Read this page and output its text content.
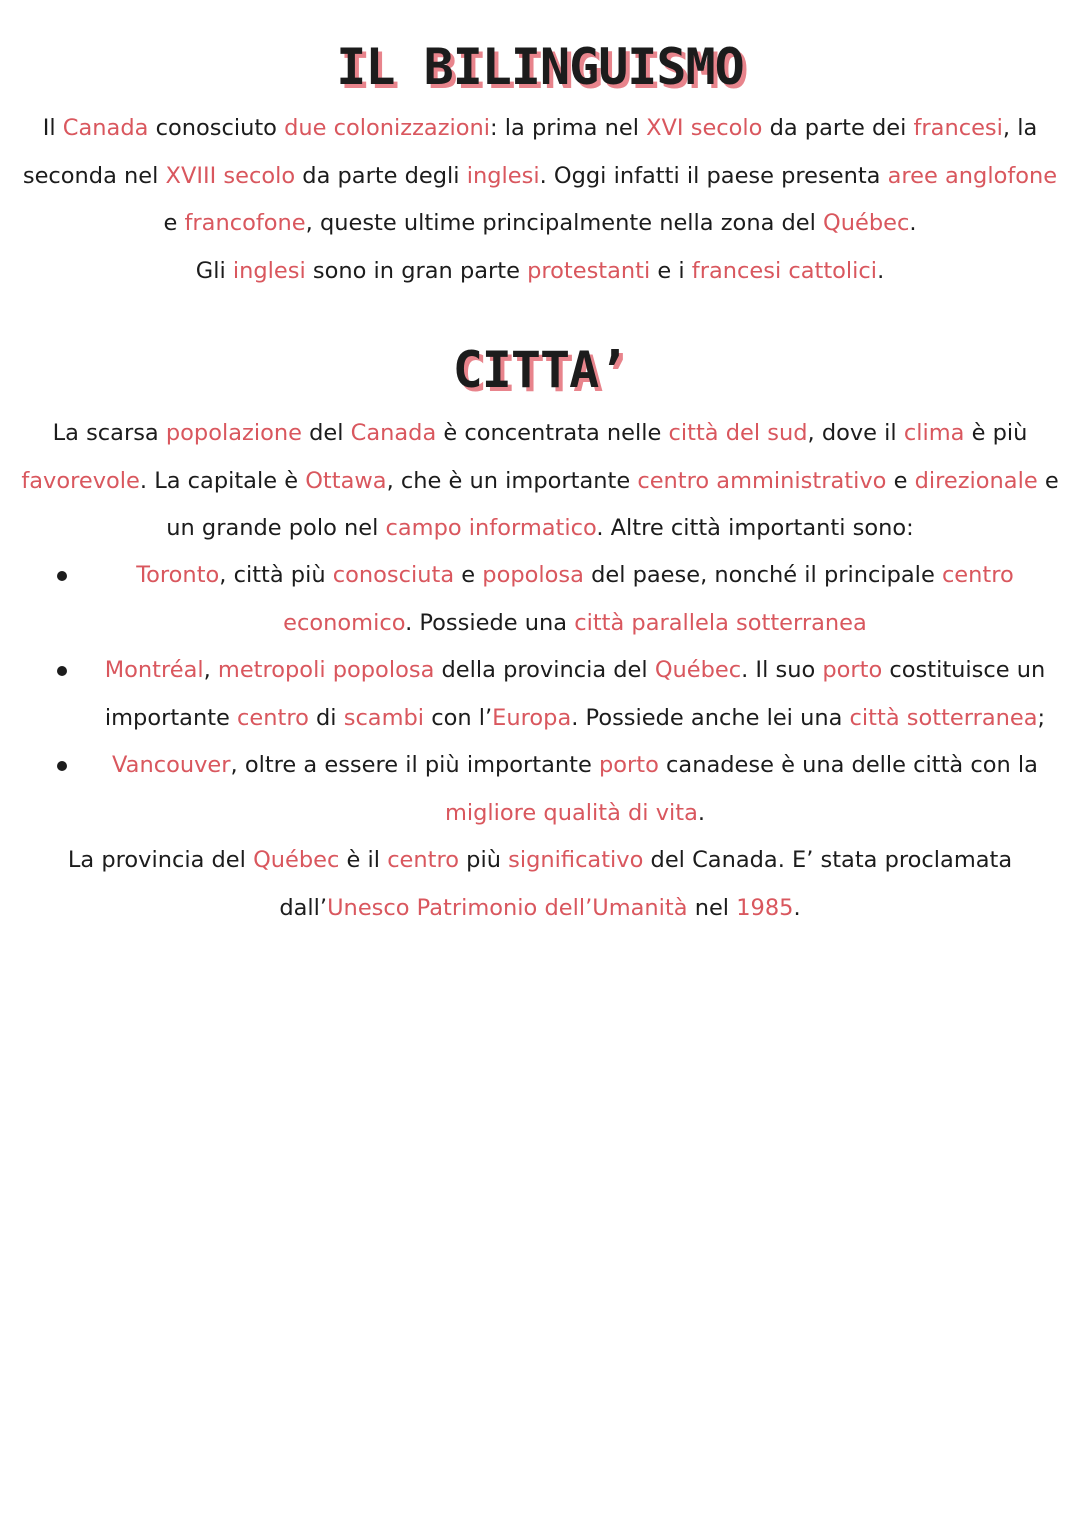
IL BILINGUISMO

Il Canada conosciuto due colonizzazioni: la prima nel XVI secolo da parte dei francesi, la seconda nel XVIII secolo da parte degli inglesi. Oggi infatti il paese presenta aree anglofone e francofone, queste ultime principalmente nella zona del Québec.
Gli inglesi sono in gran parte protestanti e i francesi cattolici.

CITTA’

La scarsa popolazione del Canada è concentrata nelle città del sud, dove il clima è più favorevole. La capitale è Ottawa, che è un importante centro amministrativo e direzionale e un grande polo nel campo informatico. Altre città importanti sono:

Toronto, città più conosciuta e popolosa del paese, nonché il principale centro economico. Possiede una città parallela sotterranea
Montréal, metropoli popolosa della provincia del Québec. Il suo porto costituisce un importante centro di scambi con l’Europa. Possiede anche lei una città sotterranea;
Vancouver, oltre a essere il più importante porto canadese è una delle città con la migliore qualità di vita.

La provincia del Québec è il centro più significativo del Canada. E’ stata proclamata dall’Unesco Patrimonio dell’Umanità nel 1985.
